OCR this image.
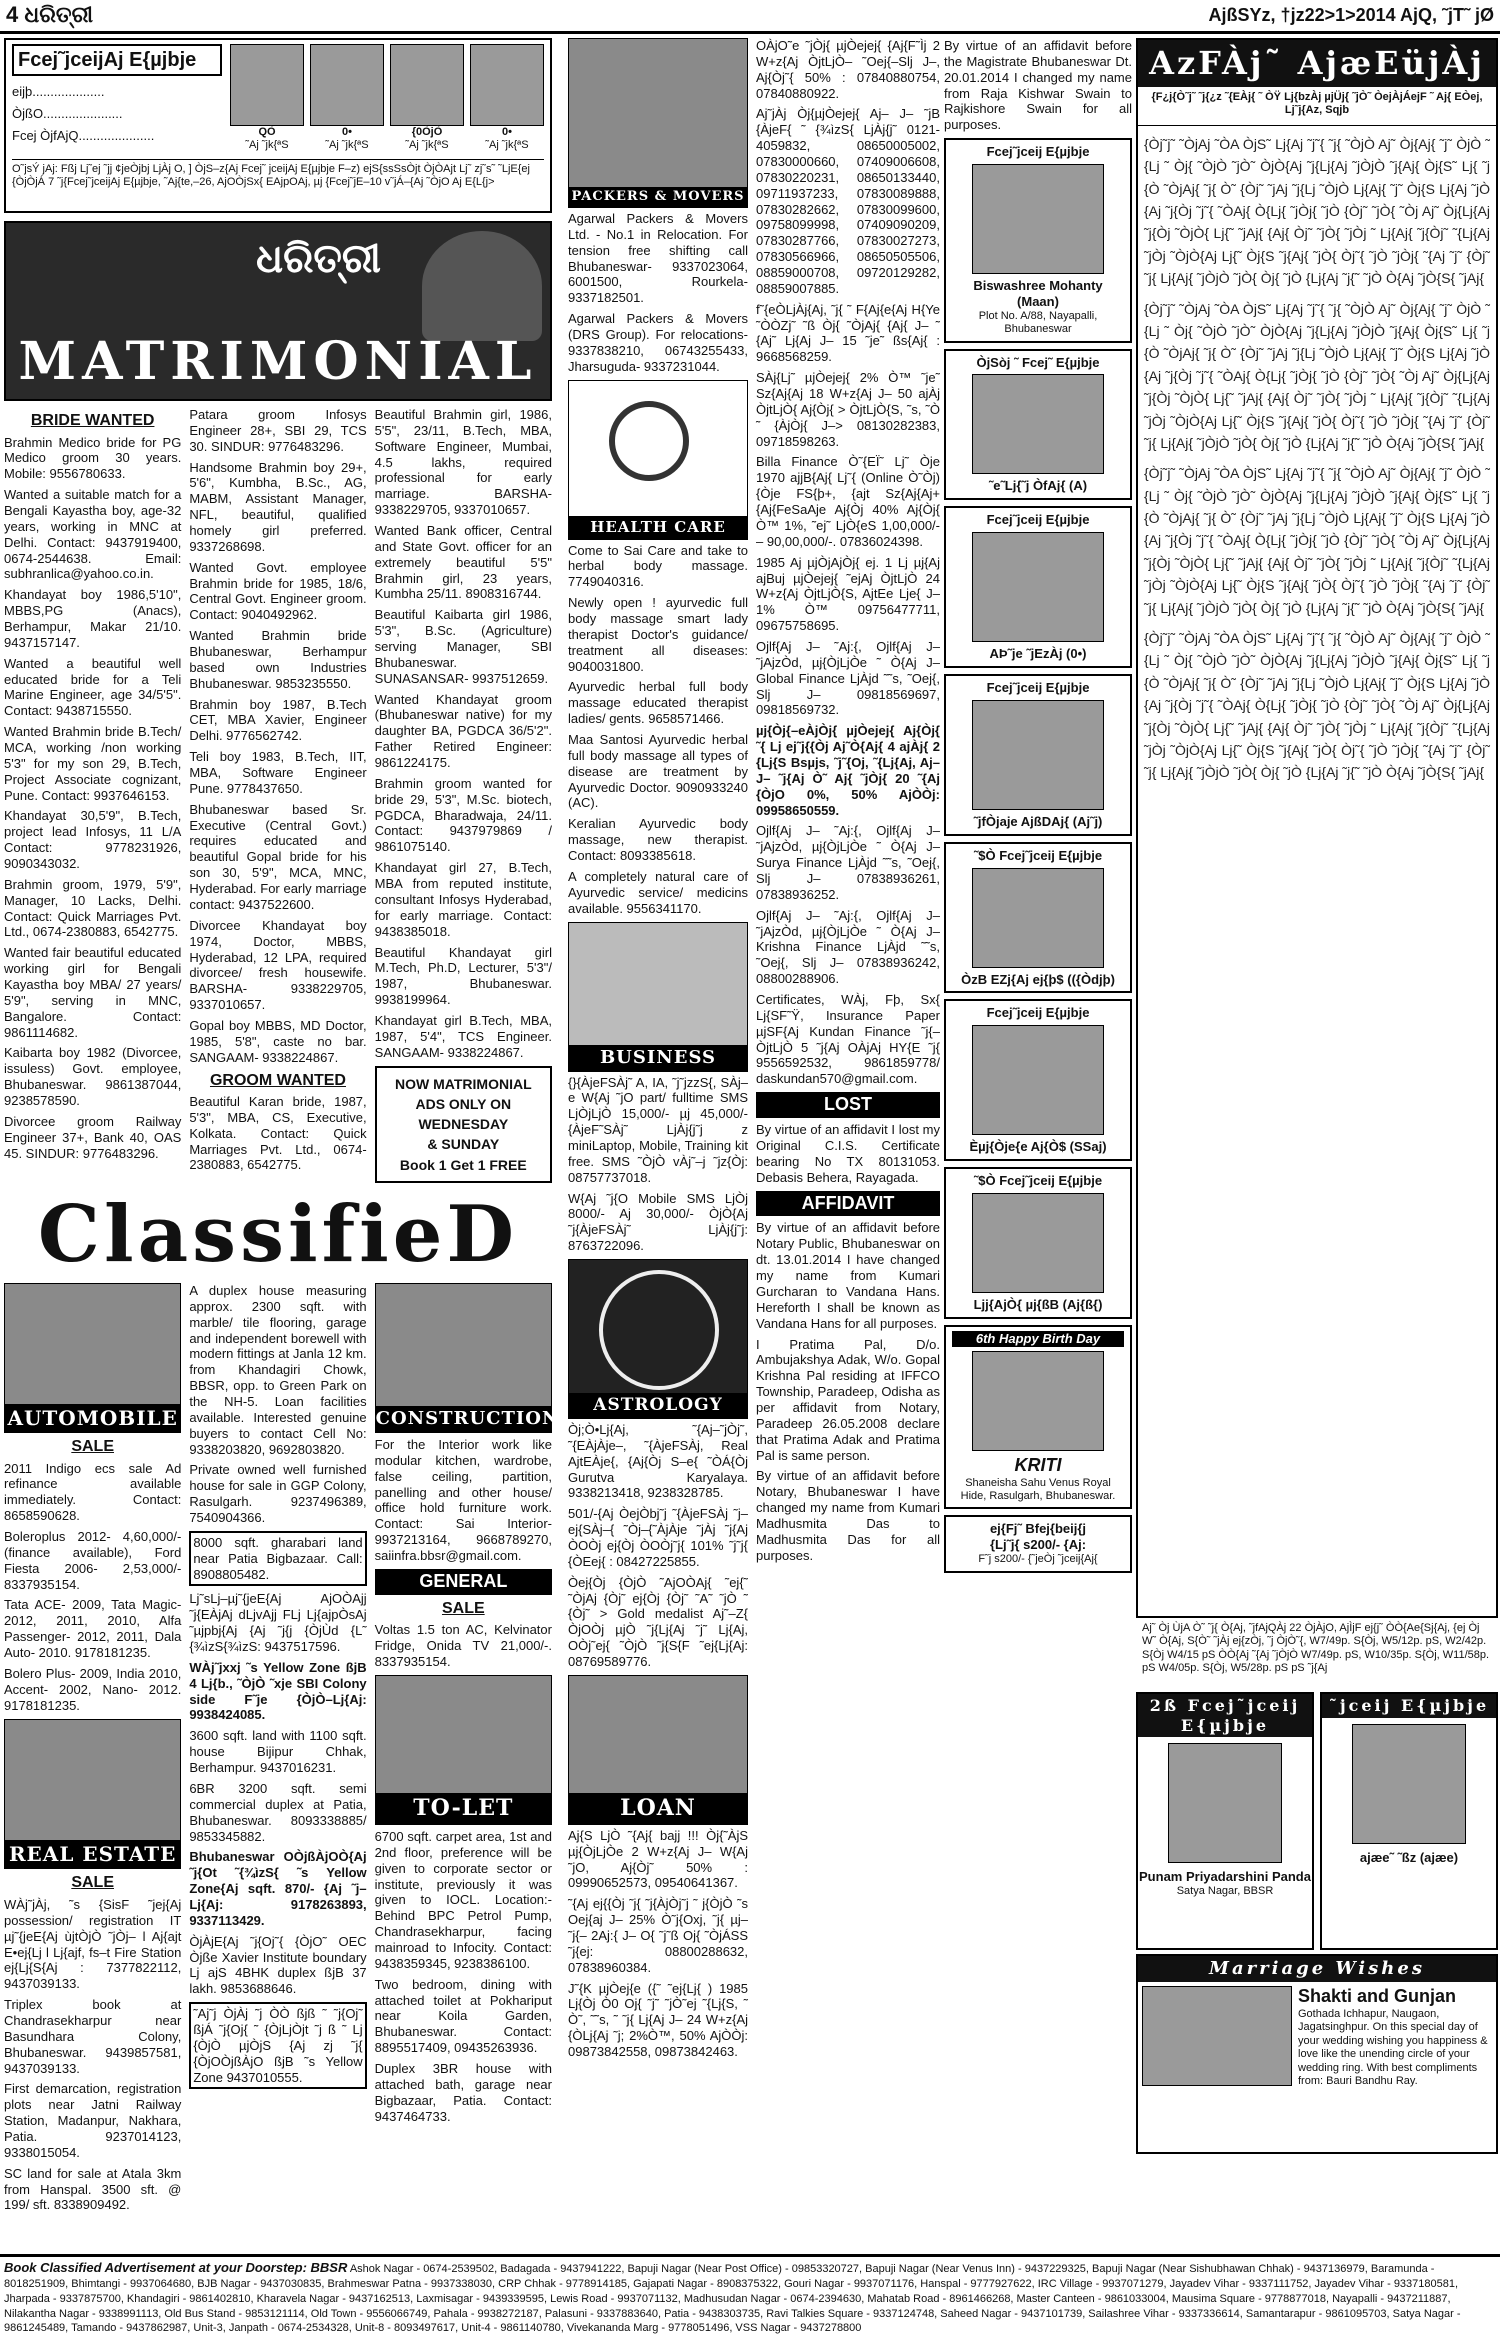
4 ଧରିତ୍ରୀ	AjßSYz, †jz22>1>2014 AjQ, ˜jT˜ jØ
Fcej˜jceijAj E{µjbje
eijþ....................
ÒjßO......................
Fcej ÒjfAjQ.....................	QÒ
˜Aj ˜jk{ªS
0•
˜Aj ˜jk{ªS
{0ÒjÒ
˜Aj ˜jk{ªS
0•
˜Aj ˜jk{ªS
O˜jsÝ jAj: Fßj Lj˜ej ˜jj ¢jeÒjbj LjÀj O, ] ÒjS–z{Aj Fcej˜ jceijAj E{µjbje F–z) ejS{ssSsÒjt ÒjÒAjt Lj˜ zj˜s˜ ˜LjE{ej {ÒjÒjÁ 7 ˜j{Fcej˜jceijAj E{µjbje, ˜Aj{te,–26, AjOÒjSx{ EAjpOAj, µj {Fcej˜jE–10 v˜jÁ–{Aj ˜ÒjO Aj E{L{j>
ଧରିତ୍ରୀ
MATRIMONIAL
BRIDE WANTED
Brahmin Medico bride for PG Medico groom 30 years. Mobile: 9556780633.
Wanted a suitable match for a Bengali Kayastha boy, age-32 years, working in MNC at Delhi. Contact: 9437919400, 0674-2544638. Email: subhranlica@yahoo.co.in.
Khandayat boy 1986,5'10", MBBS,PG (Anacs), Berhampur, Makar 21/10. 9437157147.
Wanted a beautiful well educated bride for a Teli Marine Engineer, age 34/5'5". Contact: 9438715550.
Wanted Brahmin bride B.Tech/ MCA, working /non working 5'3" for my son 29, B.Tech, Project Associate cognizant, Pune. Contact: 9937646153.
Khandayat 30,5'9", B.Tech, project lead Infosys, 11 L/A Contact: 9778231926, 9090343032.
Brahmin groom, 1979, 5'9", Manager, 10 Lacks, Delhi. Contact: Quick Marriages Pvt. Ltd., 0674-2380883, 6542775.
Wanted fair beautiful educated working girl for Bengali Kayastha boy MBA/ 27 years/ 5'9", serving in MNC, Bangalore. Contact: 9861114682.
Kaibarta boy 1982 (Divorcee, issuless) Govt. employee, Bhubaneswar. 9861387044, 9238578590.
Divorcee groom Railway Engineer 37+, Bank 40, OAS 45. SINDUR: 9776483296.
Patara groom Infosys Engineer 28+, SBI 29, TCS 30. SINDUR: 9776483296.
Handsome Brahmin boy 29+, 5'6", Kumbha, B.Sc., AG, MABM, Assistant Manager, NFL, beautiful, qualified homely girl preferred. 9337268698.
Wanted Govt. employee Brahmin bride for 1985, 18/6, Central Govt. Engineer groom. Contact: 9040492962.
Wanted Brahmin bride Bhubaneswar, Berhampur based own Industries Bhubaneswar. 9853235550.
Brahmin boy 1987, B.Tech CET, MBA Xavier, Engineer Delhi. 9776562742.
Teli boy 1983, B.Tech, IIT, MBA, Software Engineer Pune. 9778437650.
Bhubaneswar based Sr. Executive (Central Govt.) requires educated and beautiful Gopal bride for his son 30, 5'9", MCA, MNC, Hyderabad. For early marriage contact: 9437522600.
Divorcee Khandayat boy 1974, Doctor, MBBS, Hyderabad, 12 LPA, required divorcee/ fresh housewife. BARSHA- 9338229705, 9337010657.
Gopal boy MBBS, MD Doctor, 1985, 5'8", caste no bar. SANGAAM- 9338224867.
GROOM WANTED
Beautiful Karan bride, 1987, 5'3", MBA, CS, Executive, Kolkata. Contact: Quick Marriages Pvt. Ltd., 0674-2380883, 6542775.
Beautiful Brahmin girl, 1986, 5'5", 23/11, B.Tech, MBA, Software Engineer, Mumbai, 4.5 lakhs, required professional for early marriage. BARSHA- 9338229705, 9337010657.
Wanted Bank officer, Central and State Govt. officer for an extremely beautiful 5'5" Brahmin girl, 23 years, Kumbha 25/11. 8908316744.
Beautiful Kaibarta girl 1986, 5'3", B.Sc. (Agriculture) serving Manager, SBI Bhubaneswar. SUNASANSAR- 9937512659.
Wanted Khandayat groom (Bhubaneswar native) for my daughter BA, PGDCA 36/5'2". Father Retired Engineer: 9861224175.
Brahmin groom wanted for bride 29, 5'3", M.Sc. biotech, PGDCA, Bharadwaja, 24/11. Contact: 9437979869 / 9861075140.
Khandayat girl 27, B.Tech, MBA from reputed institute, consultant Infosys Hyderabad, for early marriage. Contact: 9438385018.
Beautiful Khandayat girl M.Tech, Ph.D, Lecturer, 5'3"/ 1987, Bhubaneswar. 9938199964.
Khandayat girl B.Tech, MBA, 1987, 5'4", TCS Engineer. SANGAAM- 9338224867.
NOW MATRIMONIAL
ADS ONLY ON
WEDNESDAY
& SUNDAY
Book 1 Get 1 FREE
ClassifieD
AUTOMOBILE
SALE
2011 Indigo ecs sale Ad refinance available immediately. Contact: 8658590628.
Boleroplus 2012- 4,60,000/- (finance available), Ford Fiesta 2006- 2,53,000/- 8337935154.
Tata ACE- 2009, Tata Magic- 2012, 2011, 2010, Alfa Passenger- 2012, 2011, Dala Auto- 2010. 9178181235.
Bolero Plus- 2009, India 2010, Accent- 2002, Nano- 2012. 9178181235.
REAL ESTATE
SALE
WÀj˜jÀj, ˜s {SisF ˜jej{Aj possession/ registration IT µj˜{jeE{Aj ùjtÒjÒ ˜jÒj– l Aj{ajt E•ej{Lj l Lj{ajf, fs–t Fire Station ej{Lj{S{Aj : 7377822112, 9437039133.
Triplex book at Chandrasekharpur near Basundhara Colony, Bhubaneswar. 9439857581, 9437039133.
First demarcation, registration plots near Jatni Railway Station, Madanpur, Nakhara, Patia. 9237014123, 9338015054.
SC land for sale at Atala 3km from Hanspal. 3500 sft. @ 199/ sft. 8338909492.
A duplex house measuring approx. 2300 sqft. with marble/ tile flooring, garage and independent borewell with modern fittings at Janla 12 km. from Khandagiri Chowk, BBSR, opp. to Green Park on the NH-5. Loan facilities available. Interested genuine buyers to contact Cell No: 9338203820, 9692803820.
Private owned well furnished house for sale in GGP Colony, Rasulgarh. 9237496389, 7540904366.
8000 sqft. gharabari land near Patia Bigbazaar. Call: 8908805482.
Lj˜sLj–µj˜{jeE{Aj AjOÒAjj ˜j{EÀjAj dLjvAjj FLj Lj{ajpÒsAj ˜µjpbj{Aj {Aj ˜j{j {ÒjÙd {L˜ {¾ìzS{¾ìzS: 9437517596.
WÀj˜jxxj ˜s Yellow Zone ßjB 4 Lj{b., ˜ÒjÒ ˜xje SBI Colony side F˜je {ÒjÒ–Lj{Aj: 9938424085.
3600 sqft. land with 1100 sqft. house Bijipur Chhak, Berhampur. 9437016231.
6BR 3200 sqft. semi commercial duplex at Patia, Bhubaneswar. 8093338885/ 9853345882.
Bhubaneswar OÒjßÀjOÒ{Aj ˜j{Ot ˜{¾ìzS{ ˜s Yellow Zone{Aj sqft. 870/- {Aj ˜j–Lj{Aj: 9178263893, 9337113429.
ÒjÀjE{Aj ˜j{Oj˜{ {ÒjO˜ OEC Òjße Xavier Institute boundary Lj ajS 4BHK duplex ßjB 37 lakh. 9853688646.
˜Aj˜j ÒjÀj ˜j ÒÒ ßjß ˜ ˜j{Oj˜ ßjÁ ˜j{Oj{ ˜ {ÒjLjÒjt ˜j ß ˜ Lj {ÒjÒ µjÒjS {Aj zj ˜j{ {ÒjOÒjßÀjO ßjB ˜s Yellow Zone 9437010555.
CONSTRUCTION
For the Interior work like modular kitchen, wardrobe, false ceiling, partition, panelling and other house/ office hold furniture work. Contact: Sai Interior- 9937213164, 9668789270, saiinfra.bbsr@gmail.com.
GENERAL
SALE
Voltas 1.5 ton AC, Kelvinator Fridge, Onida TV 21,000/-. 8337935154.
TO-LET
6700 sqft. carpet area, 1st and 2nd floor, preference will be given to corporate sector or institute, previously it was given to IOCL. Location:- Behind BPC Petrol Pump, Chandrasekharpur, facing mainroad to Infocity. Contact: 9438359345, 9238386100.
Two bedroom, dining with attached toilet at Pokhariput near Koila Garden, Bhubaneswar. Contact: 8895517409, 09435263936.
Duplex 3BR house with attached bath, garage near Bigbazaar, Patia. Contact: 9437464733.
PACKERS & MOVERS
Agarwal Packers & Movers Ltd. - No.1 in Relocation. For tension free shifting call Bhubaneswar- 9337023064, 6001500, Rourkela- 9337182501.
Agarwal Packers & Movers (DRS Group). For relocations- 9337838210, 06743255433, Jharsuguda- 9337231044.
HEALTH CARE
Come to Sai Care and take to herbal body massage. 7749040316.
Newly open ! ayurvedic full body massage smart lady therapist Doctor's guidance/ treatment all diseases: 9040031800.
Ayurvedic herbal full body massage educated therapist ladies/ gents. 9658571466.
Maa Santosi Ayurvedic herbal full body massage all types of disease are treatment by Ayurvedic Doctor. 9090933240 (AC).
Keralian Ayurvedic body massage, new therapist. Contact: 8093385618.
A completely natural care of Ayurvedic service/ medicins available. 9556341170.
BUSINESS
{}{ÀjeFSÀj˜ A, IA, ˜j˜jzzS{, SÀj–e W{Aj ˜jO part/ fulltime SMS LjÒjLjÒ 15,000/- µj 45,000/- {ÀjeF˜SÀj˜ LjÀj{j˜j z miniLaptop, Mobile, Training kit free. SMS ˜ÒjÒ vÀj˜–j ˜jz{Òj: 08757737018.
W{Aj ˜j{O Mobile SMS LjÒj 8000/- Aj 30,000/- ÒjÒ{Aj ˜j{ÀjeFSÀj˜ LjÀj{j˜j: 8763722096.
ASTROLOGY
Òj;Ò•Lj{Aj, ˜{Aj–˜jÒj˜, ˜{EÀjÀje–, ˜{ÀjeFSÀj, Real AjtEÀje{, {Aj{Òj S–e{ ˜ÒÁ{Òj Gurutva Karyalaya. 9338213418, 9238328785.
501/-{Aj ÒejÒbj˜j ˜{ÀjeFSÀj ˜j–ej{SÀj–{ ˜Òj–{˜ÀjÀje ˜jÀj ˜j{Aj ÒOÒj ej{Òj ÒOÒj˜j{ 101% ˜j˜j{ {ÒEej{ : 08427225855.
Òej{Òj {ÒjÒ ˜AjOÒAj{ ˜ej{˜ ˜ÒjAj {Òj˜ ej{Òj {Òj˜ ˜A˜ ˜jÒ ˜ {Òj˜ > Gold medalist Aj˜–Z{ ÒjOÒj µjÒ ˜j{Lj{Aj ˜j˜ Lj{Aj, OÒj˜ej{ ˜ÒjÒ ˜j{S{F ˜ej{Lj{Aj: 08769589776.
LOAN
Aj{S LjÒ ˜{Aj{ bajj !!! Òj{˜ÀjS µj{ÒjLjÒe 2 W+z{Aj J– W{Aj ˜jO, Aj{Òj˜ 50% : 09990652573, 09540641367.
˜{Aj ej{{Òj ˜j{ ˜j{ÀjÒj˜j ˜ j{ÒjÒ ˜s Oej{aj J– 25% Ò˜j{Oxj, ˜j{ µj– ˜j{– 2Aj:{ J– O{ ˜j˜ß Oj{ ˜ÒjÁSS ˜j{ej: 08800288632, 07838960384.
J˜{K µjÒej{e ({˜ ˜ej{Lj{ ) 1985 Lj{Òj Ò0 Oj{ ˜j˜ ˜jÒ˜ej ˜{Lj{S, ˜ Ò˜, ˜˜s, ˜ ˜j{ Lj{Aj J– 24 W+z{Aj {ÒLj{Aj ˜j; 2%Ò™, 50% AjÒÒj: 09873842558, 09873842463.
OÀjO˜e ˜jÒj{ µjÒejej{ {Aj{F˜Ìj 2 W+z{Aj ÒjtLjÒ– ˜Oej{–Slj J–, Aj{Òj˜{ 50% : 07840880754, 07840880922.
Aj˜jÀj Òj{µjÒejej{ Aj– J– ˜jB {ÀjeF{ ˜ {¾ìzS{ LjÀj{j˜ 0121-4059832, 08650005002, 07830000660, 07409006608, 07830220231, 08650133440, 09711937233, 07830089888, 07830282662, 07830099600, 09758099998, 07409090209, 07830287766, 07830027273, 07830566966, 08650505506, 08859000708, 09720129282, 08859007885.
f˜{eÒLjÀj{Aj, ˜j{ ˜ F{Aj{e{Aj H{Ye ˜ÒÒZj˜ ˜ß Òj{ ˜ÒjAj{ {Aj{ J– ˜ {Aj˜ Lj{Aj J– 15 ˜je˜ ßs{Aj{ : 9668568259.
SÀj{Lj˜ µjÒejej{ 2% Ò™ ˜je˜ Sz{Aj{Aj 18 W+z{Aj J– 50 ajÀj ÒjtLjÒ{ Aj{Òj{ > ÒjtLjÒ{S, ˜s, ˜Ò ˜ {ÀjÒj{ J–> 08130282383, 09718598263.
Billa Finance Ò˜{EÏ˜ Lj˜ Òje 1970 ajjB{Aj{ Lj˜{ (Online Ò˜Òj) {Òje FS{þ+, {ajt Sz{Aj{Aj+ {Aj{FeSaAje Aj{Òj 40% Aj{Òj{ Ò™ 1%, ˜ej˜ LjÒ{eS 1,00,000/- – 90,00,000/-. 07836024398.
1985 Aj µjÒjAjÒj{ ej. 1 Lj µj{Aj ajBuj µjÒejej{ ˜ejAj ÒjtLjÒ 24 W+z{Aj ÒjtLjÒ{S, AjtEe Lje{ J– 1% Ò™ 09756477711, 09675758695.
Ojlf{Aj J– ˜Aj:{, Ojlf{Aj J– ˜jAjzÒd, µj{ÒjLjÒe ˜ Ò{Aj J– Global Finance LjÀjd ˜˜s, ˜Oej{, Slj J– 09818569697, 09818569732.
µj{Òj{–eÀjÒj{ µjÒejej{ Aj{Òj{ ˜{ Lj ej˜j{{Òj Aj˜Ò{Aj{ 4 ajÀj{ 2 {Lj{S Bsµjs, ˜j˜{Oj, ˜{Lj{Aj, Aj– J– ˜j{Aj Ò˜ Aj{ ˜jÒj{ 20 ˜{Aj {ÒjO 0%, 50% AjÒÒj: 09958650559.
Ojlf{Aj J– ˜Aj:{, Ojlf{Aj J– ˜jAjzÒd, µj{ÒjLjÒe ˜ Ò{Aj J– Surya Finance LjÀjd ˜˜s, ˜Oej{, Slj J– 07838936261, 07838936252.
Ojlf{Aj J– ˜Aj:{, Ojlf{Aj J– ˜jAjzÒd, µj{ÒjLjÒe ˜ Ò{Aj J– Krishna Finance LjÀjd ˜˜s, ˜Oej{, Slj J– 07838936242, 08800288906.
Certificates, WÀj, Fþ, Sx{ Lj{SF˜Ÿ, Insurance Paper µjSF{Aj Kundan Finance ˜j{– ÒjtLjÒ 5 ˜j{Aj OÀjAj HY{E ˜j{ 9556592532, 9861859778/ daskundan570@gmail.com.
LOST
By virtue of an affidavit I lost my Original C.I.S. Certificate bearing No TX 80131053. Debasis Behera, Rayagada.
AFFIDAVIT
By virtue of an affidavit before Notary Public, Bhubaneswar on dt. 13.01.2014 I have changed my name from Kumari Gurcharan to Vandana Hans. Hereforth I shall be known as Vandana Hans for all purposes.
I Pratima Pal, D/o. Ambujakshya Adak, W/o. Gopal Krishna Pal residing at IFFCO Township, Paradeep, Odisha as per affidavit from Notary, Paradeep 26.05.2008 declare that Pratima Adak and Pratima Pal is same person.
By virtue of an affidavit before Notary, Bhubaneswar I have changed my name from Kumari Madhusmita Das to Madhusmita Das for all purposes.
By virtue of an affidavit before the Magistrate Bhubaneswar Dt. 20.01.2014 I changed my name from Raja Kishwar Swain to Rajkishore Swain for all purposes.
Fcej˜jceij E{µjbje
Biswashree Mohanty (Maan)
Plot No. A/88, Nayapalli, Bhubaneswar
ÒjSòj ˜ Fcej˜ E{µjbje
˜e˜Lj{˜j ÒfAj{ (A)
Fcej˜jceij E{µjbje
AÞ˜je ˜jEzÀj (0•)
Fcej˜jceij E{µjbje
˜jfÒjaje AjßDAj{ (Aj˜j)
˜$Ò Fcej˜jceij E{µjbje
ÒzB EZj{Aj ej{þ$ (({Òdjþ)
Fcej˜jceij E{µjbje
Èµj{Òje{e Aj{Ò$ (SSaj)
˜$Ò Fcej˜jceij E{µjbje
Ljj{AjÒ{ µj{ßB (Aj{ß{)
6th Happy Birth Day
KRITI
Shaneisha Sahu Venus Royal Hide, Rasulgarh, Bhubaneswar.
ej{Fj˜ Bfej{beij{j
{Lj˜j{ s200/- {Aj:
F˜j s200/- {˜jeÒj ˜jceij{Aj{
AzFÀj˜ AjæEüjÀj
{F¿j{Ò˜j˜ ˜j{¿z ˜{EÀj{ ˜ ÒŸ Lj{bzÀj µjÜj{ ˜jÒ˜ ÒejÀjÁejF ˜ Aj{ EÒej, Lj˜j{Az, Sqjb
{Òj˜j˜ ˜ÒjAj ˜ÒA ÒjS˜ Lj{Aj ˜j˜{ ˜j{ ˜ÒjÒ Aj˜ Òj{Aj{ ˜j˜ ÒjÒ ˜{Lj ˜ Òj{ ˜ÒjÒ ˜jÒ˜ ÒjÒ{Aj ˜j{Lj{Aj ˜jÒjÒ ˜j{Aj{ Òj{S˜ Lj{ ˜j{Ò ˜ÒjAj{ ˜j{ Ò˜ {Òj˜ ˜jAj ˜j{Lj ˜ÒjÒ Lj{Aj{ ˜j˜ Òj{S Lj{Aj ˜jÒ{Aj ˜j{Òj ˜j˜{ ˜ÒAj{ Ò{Lj{ ˜jÒj{ ˜jÒ {Òj˜ ˜jÒ{ ˜Òj Aj˜ Òj{Lj{Aj ˜j{Òj ˜ÒjÒ{ Lj{˜ ˜jAj{ {Aj{ Òj˜ ˜jÒ{ ˜jÒj ˜ Lj{Aj{ ˜j{Òj˜ ˜{Lj{Aj ˜jÒj ˜ÒjÒ{Aj Lj{˜ Òj{S ˜j{Aj{ ˜jÒ{ Òj˜{ ˜jÒ ˜jÒj{ ˜{Aj ˜j˜ {Òj˜ ˜j{ Lj{Aj{ ˜jÒjÒ ˜jÒ{ Òj{ ˜jÒ {Lj{Aj ˜j{˜ ˜jÒ Ò{Aj ˜jÒ{S{ ˜jAj{
{Òj˜j˜ ˜ÒjAj ˜ÒA ÒjS˜ Lj{Aj ˜j˜{ ˜j{ ˜ÒjÒ Aj˜ Òj{Aj{ ˜j˜ ÒjÒ ˜{Lj ˜ Òj{ ˜ÒjÒ ˜jÒ˜ ÒjÒ{Aj ˜j{Lj{Aj ˜jÒjÒ ˜j{Aj{ Òj{S˜ Lj{ ˜j{Ò ˜ÒjAj{ ˜j{ Ò˜ {Òj˜ ˜jAj ˜j{Lj ˜ÒjÒ Lj{Aj{ ˜j˜ Òj{S Lj{Aj ˜jÒ{Aj ˜j{Òj ˜j˜{ ˜ÒAj{ Ò{Lj{ ˜jÒj{ ˜jÒ {Òj˜ ˜jÒ{ ˜Òj Aj˜ Òj{Lj{Aj ˜j{Òj ˜ÒjÒ{ Lj{˜ ˜jAj{ {Aj{ Òj˜ ˜jÒ{ ˜jÒj ˜ Lj{Aj{ ˜j{Òj˜ ˜{Lj{Aj ˜jÒj ˜ÒjÒ{Aj Lj{˜ Òj{S ˜j{Aj{ ˜jÒ{ Òj˜{ ˜jÒ ˜jÒj{ ˜{Aj ˜j˜ {Òj˜ ˜j{ Lj{Aj{ ˜jÒjÒ ˜jÒ{ Òj{ ˜jÒ {Lj{Aj ˜j{˜ ˜jÒ Ò{Aj ˜jÒ{S{ ˜jAj{
{Òj˜j˜ ˜ÒjAj ˜ÒA ÒjS˜ Lj{Aj ˜j˜{ ˜j{ ˜ÒjÒ Aj˜ Òj{Aj{ ˜j˜ ÒjÒ ˜{Lj ˜ Òj{ ˜ÒjÒ ˜jÒ˜ ÒjÒ{Aj ˜j{Lj{Aj ˜jÒjÒ ˜j{Aj{ Òj{S˜ Lj{ ˜j{Ò ˜ÒjAj{ ˜j{ Ò˜ {Òj˜ ˜jAj ˜j{Lj ˜ÒjÒ Lj{Aj{ ˜j˜ Òj{S Lj{Aj ˜jÒ{Aj ˜j{Òj ˜j˜{ ˜ÒAj{ Ò{Lj{ ˜jÒj{ ˜jÒ {Òj˜ ˜jÒ{ ˜Òj Aj˜ Òj{Lj{Aj ˜j{Òj ˜ÒjÒ{ Lj{˜ ˜jAj{ {Aj{ Òj˜ ˜jÒ{ ˜jÒj ˜ Lj{Aj{ ˜j{Òj˜ ˜{Lj{Aj ˜jÒj ˜ÒjÒ{Aj Lj{˜ Òj{S ˜j{Aj{ ˜jÒ{ Òj˜{ ˜jÒ ˜jÒj{ ˜{Aj ˜j˜ {Òj˜ ˜j{ Lj{Aj{ ˜jÒjÒ ˜jÒ{ Òj{ ˜jÒ {Lj{Aj ˜j{˜ ˜jÒ Ò{Aj ˜jÒ{S{ ˜jAj{
{Òj˜j˜ ˜ÒjAj ˜ÒA ÒjS˜ Lj{Aj ˜j˜{ ˜j{ ˜ÒjÒ Aj˜ Òj{Aj{ ˜j˜ ÒjÒ ˜{Lj ˜ Òj{ ˜ÒjÒ ˜jÒ˜ ÒjÒ{Aj ˜j{Lj{Aj ˜jÒjÒ ˜j{Aj{ Òj{S˜ Lj{ ˜j{Ò ˜ÒjAj{ ˜j{ Ò˜ {Òj˜ ˜jAj ˜j{Lj ˜ÒjÒ Lj{Aj{ ˜j˜ Òj{S Lj{Aj ˜jÒ{Aj ˜j{Òj ˜j˜{ ˜ÒAj{ Ò{Lj{ ˜jÒj{ ˜jÒ {Òj˜ ˜jÒ{ ˜Òj Aj˜ Òj{Lj{Aj ˜j{Òj ˜ÒjÒ{ Lj{˜ ˜jAj{ {Aj{ Òj˜ ˜jÒ{ ˜jÒj ˜ Lj{Aj{ ˜j{Òj˜ ˜{Lj{Aj ˜jÒj ˜ÒjÒ{Aj Lj{˜ Òj{S ˜j{Aj{ ˜jÒ{ Òj˜{ ˜jÒ ˜jÒj{ ˜{Aj ˜j˜ {Òj˜ ˜j{ Lj{Aj{ ˜jÒjÒ ˜jÒ{ Òj{ ˜jÒ {Lj{Aj ˜j{˜ ˜jÒ Ò{Aj ˜jÒ{S{ ˜jAj{
Aj˜ Òj ÙjA Ò˜ ˜j{ Ò{Aj, ˜jfAjQÀj 22 ÒjÀjO, AjÌjF ej{j˜ ÒÒ{Ae{Sj{Aj, {ej Òj W˜ Ò{Aj, S{Ò˜ ˜jÀj ej{zÒj, ˜j ÒjÒ˜{, W7/49p. S{Òj, W5/12p. pS, W2/42p. S{Òj W4/15 pS ÒÒ{Aj ˜{Aj ˜jÒjÒ W7/49p. pS, W10/35p. S{Òj, W11/58p. pS W4/05p. S{Òj, W5/28p. pS pS ˜j{Aj
2ß Fcej˜jceij E{µjbje
Punam Priyadarshini Panda
Satya Nagar, BBSR
˜jceij E{µjbje
ajæe˜ ˜ßz (ajæe)
Marriage Wishes
Shakti and Gunjan
Gothada Ichhapur, Naugaon, Jagatsinghpur. On this special day of your wedding wishing you happiness & love like the unending circle of your wedding ring. With best compliments from: Bauri Bandhu Ray.
Book Classified Advertisement at your Doorstep: BBSR Ashok Nagar - 0674-2539502, Badagada - 9437941222, Bapuji Nagar (Near Post Office) - 09853320727, Bapuji Nagar (Near Venus Inn) - 9437229325, Bapuji Nagar (Near Sishubhawan Chhak) - 9437136979, Baramunda - 8018251909, Bhimtangi - 9937064680, BJB Nagar - 9437030835, Brahmeswar Patna - 9937338030, CRP Chhak - 9778914185, Gajapati Nagar - 8908375322, Gouri Nagar - 9937071176, Hanspal - 9777927622, IRC Village - 9937071279, Jayadev Vihar - 9337111752, Jayadev Vihar - 9337180581, Jharpada - 9337875700, Khandagiri - 9861402810, Kharavela Nagar - 9437162513, Laxmisagar - 9439339595, Lewis Road - 9937071132, Madhusudan Nagar - 0674-2394630, Mahatab Road - 8961466268, Master Canteen - 9861033004, Mausima Square - 9778877018, Nayapalli - 9437211887, Nilakantha Nagar - 9338991113, Old Bus Stand - 9853121114, Old Town - 9556066749, Pahala - 9938272187, Palasuni - 9337883640, Patia - 9438303735, Ravi Talkies Square - 9337124748, Saheed Nagar - 9437101739, Sailashree Vihar - 9337336614, Samantarapur - 9861095703, Satya Nagar - 9861245489, Tamando - 9437862987, Unit-3, Janpath - 0674-2534328, Unit-8 - 8093497617, Unit-4 - 9861140780, Vivekananda Marg - 9778051496, VSS Nagar - 9437278800
